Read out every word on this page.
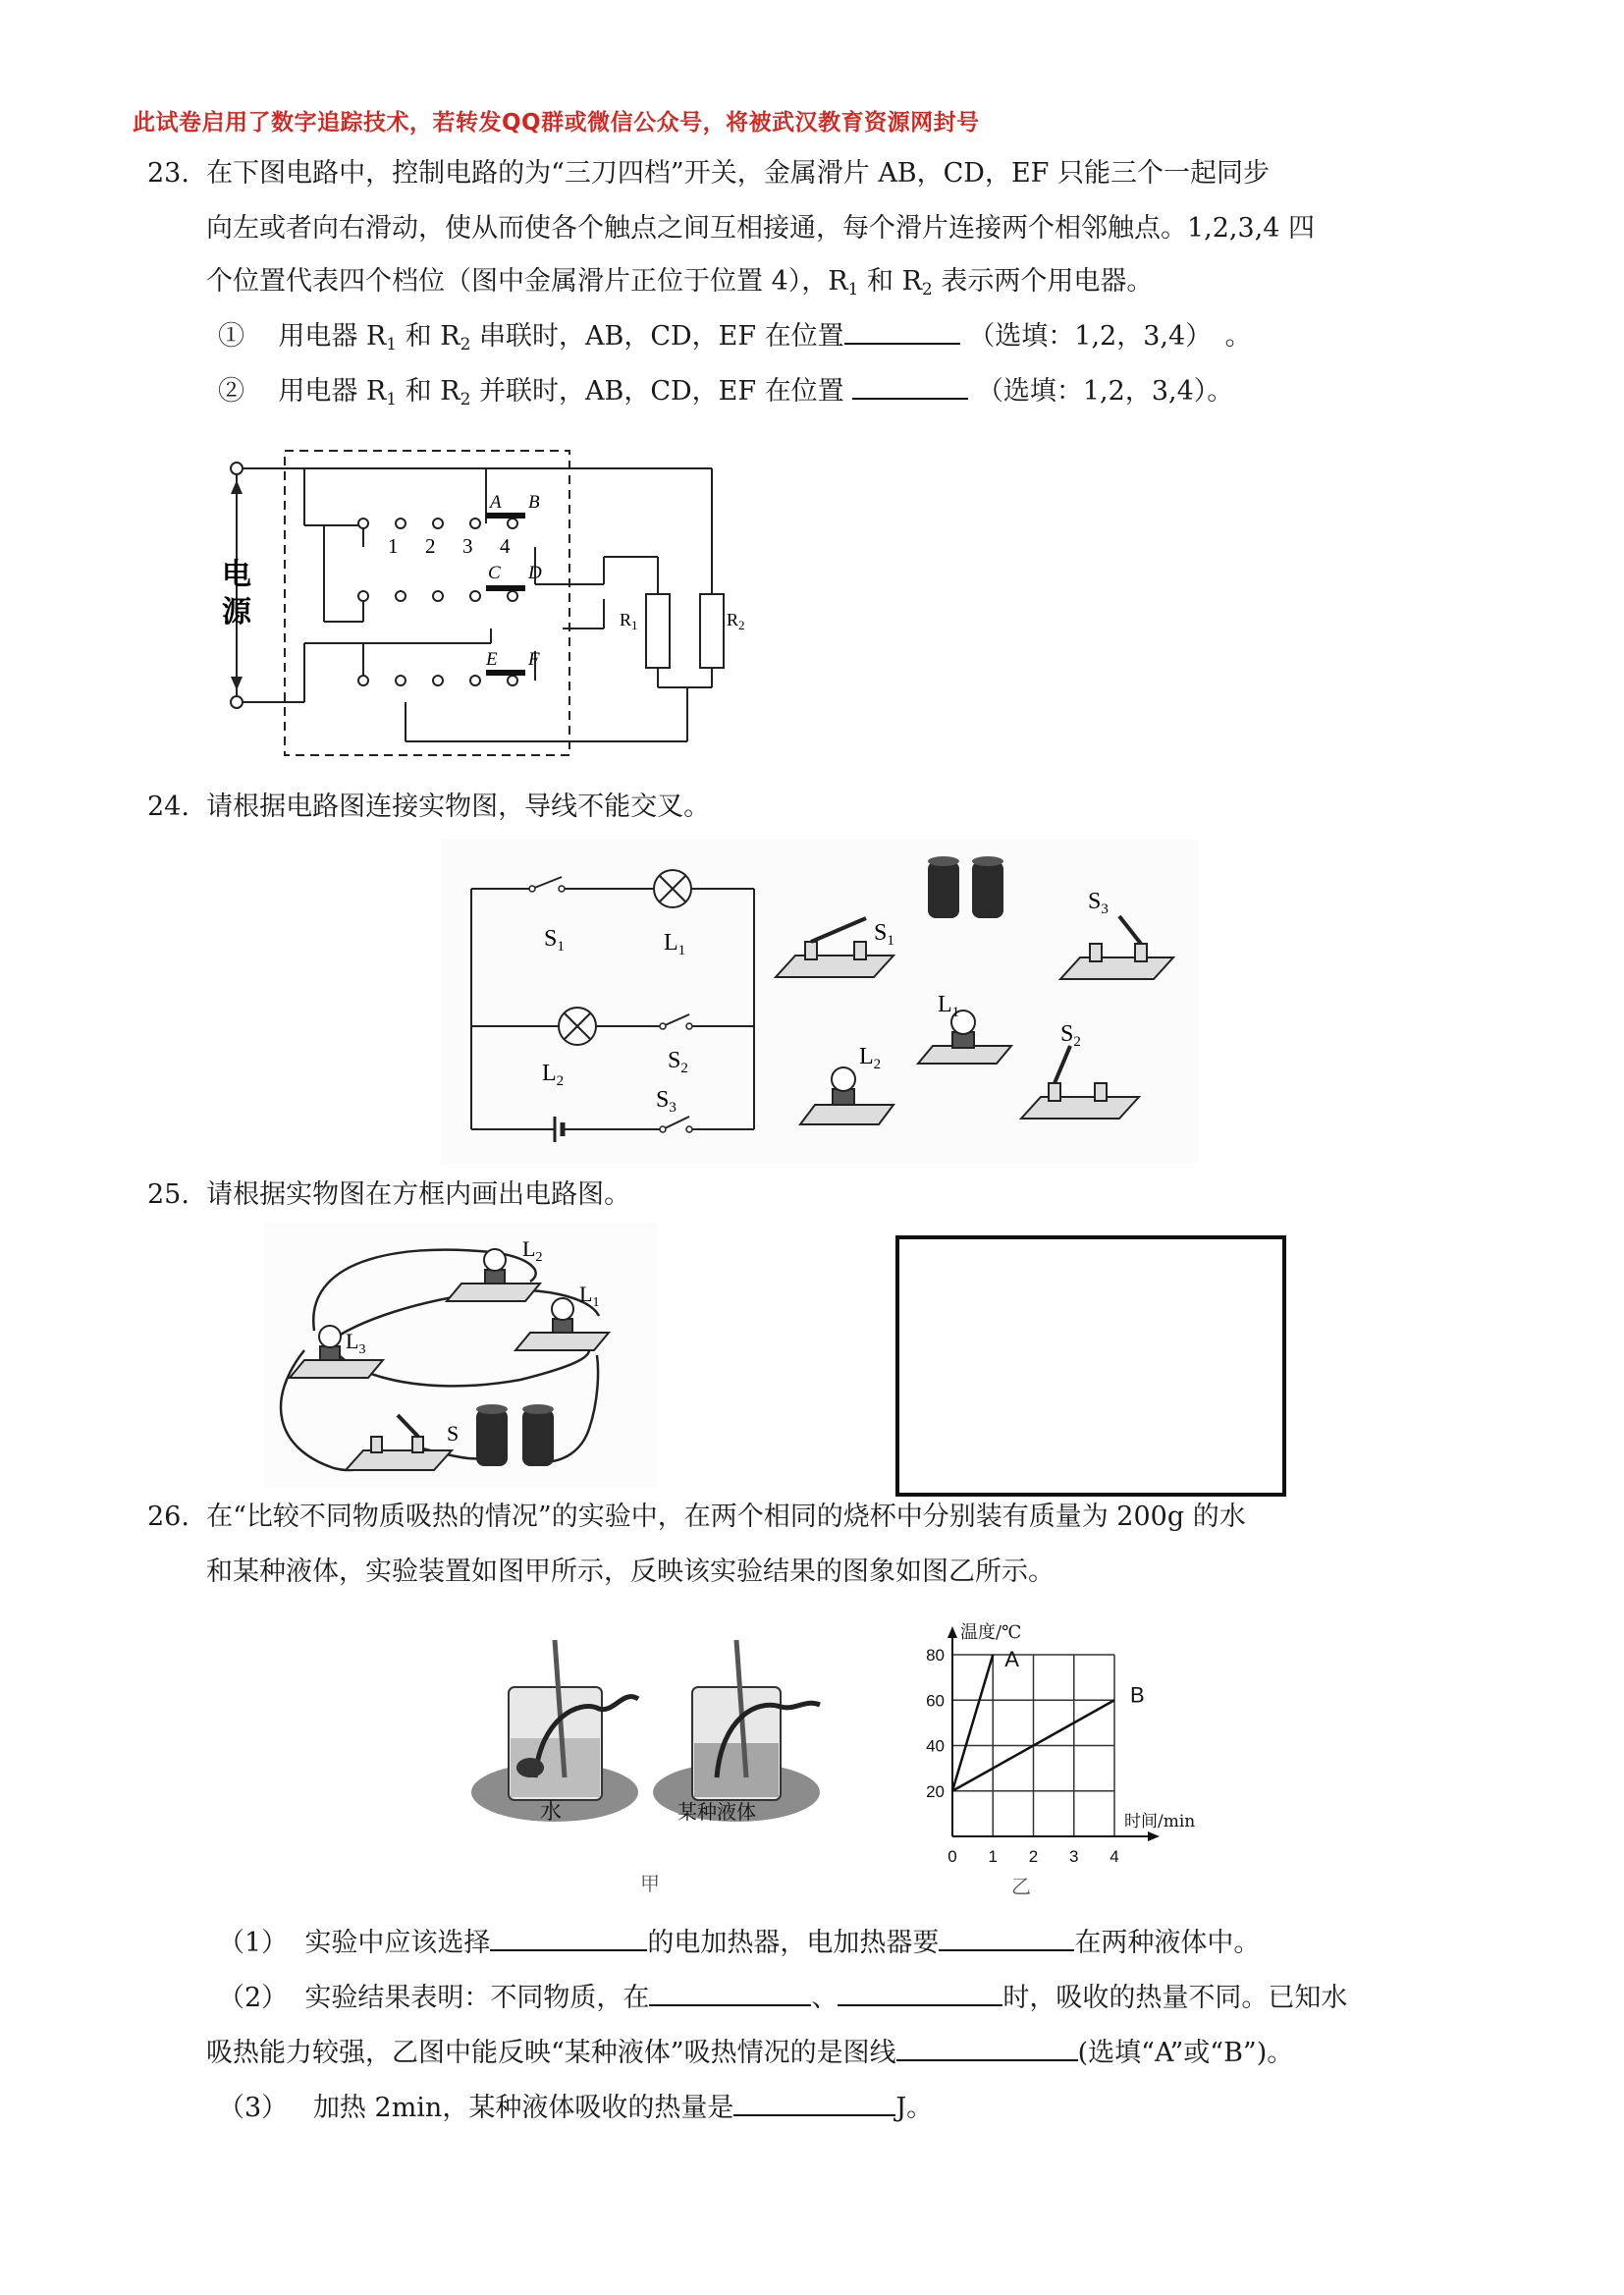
此试卷启用了数字追踪技术，若转发QQ群或微信公众号，将被武汉教育资源网封号
23. 在下图电路中，控制电路的为“三刀四档”开关，金属滑片 AB，CD，EF 只能三个一起同步
向左或者向右滑动，使从而使各个触点之间互相接通，每个滑片连接两个相邻触点。1,2,3,4 四
个位置代表四个档位（图中金属滑片正位于位置 4），$R_1$ 和 $R_2$ 表示两个用电器。
① 用电器 $R_1$ 和 $R_2$ 串联时，AB，CD，EF 在位置	（选填：1,2，3,4）　。
② 用电器 $R_1$ 和 $R_2$ 并联时，AB，CD，EF 在位置	（选填：1,2，3,4）。
电
源
A B
C D
E F
1 2 3 4
$R_1$	$R_2$
24. 请根据电路图连接实物图，导线不能交叉。
$S_1$	$L_1$
$S_2$
$L_2$
$S_3$
$S_1$
$S_3$
$L_1$
$L_2$
$S_2$
25. 请根据实物图在方框内画出电路图。
$L_2$
$L_1$
$L_3$
S
26. 在“比较不同物质吸热的情况”的实验中，在两个相同的烧杯中分别装有质量为 200g 的水
和某种液体，实验装置如图甲所示，反映该实验结果的图象如图乙所示。
水	某种液体
甲
0 1 2 3 4
20
40
60
80
温度/℃
时间/min
A
B
乙
（1） 实验中应该选择	的电加热器，电加热器要	在两种液体中。
（2） 实验结果表明：不同物质，在	、	时，吸收的热量不同。已知水
吸热能力较强，乙图中能反映“某种液体”吸热情况的是图线	(选填“A”或“B”)。
（3） 加热 2min，某种液体吸收的热量是	J。
